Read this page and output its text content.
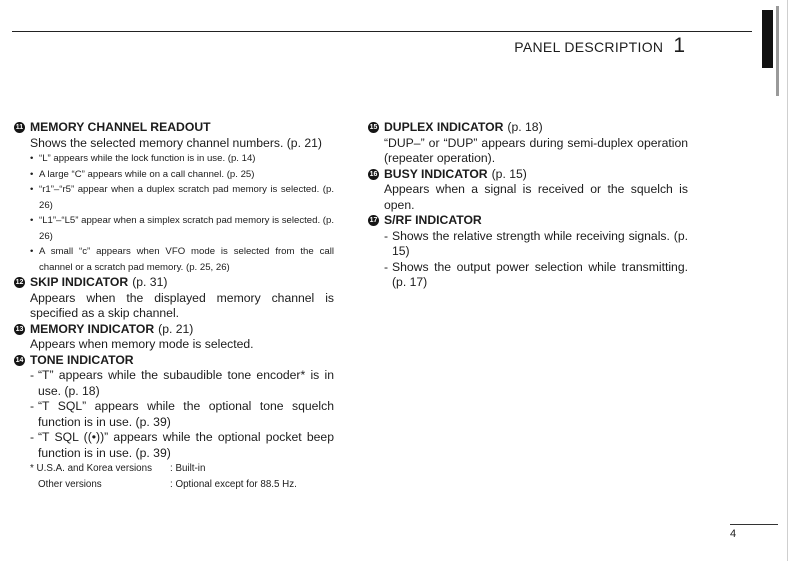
PANEL DESCRIPTION 1
11 MEMORY CHANNEL READOUT
Shows the selected memory channel numbers. (p. 21)
• “L” appears while the lock function is in use. (p. 14)
• A large “C” appears while on a call channel. (p. 25)
• “r1”–“r5” appear when a duplex scratch pad memory is selected. (p. 26)
• “L1”–“L5” appear when a simplex scratch pad memory is selected. (p. 26)
• A small “c” appears when VFO mode is selected from the call channel or a scratch pad memory. (p. 25, 26)
12 SKIP INDICATOR (p. 31)
Appears when the displayed memory channel is specified as a skip channel.
13 MEMORY INDICATOR (p. 21)
Appears when memory mode is selected.
14 TONE INDICATOR
- “T” appears while the subaudible tone encoder* is in use. (p. 18)
- “T SQL” appears while the optional tone squelch function is in use. (p. 39)
- “T SQL ((•))” appears while the optional pocket beep function is in use. (p. 39)
* U.S.A. and Korea versions	: Built-in
Other versions	: Optional except for 88.5 Hz.
15 DUPLEX INDICATOR (p. 18)
“DUP–” or “DUP” appears during semi-duplex operation (repeater operation).
16 BUSY INDICATOR (p. 15)
Appears when a signal is received or the squelch is open.
17 S/RF INDICATOR
- Shows the relative strength while receiving signals. (p. 15)
- Shows the output power selection while transmitting. (p. 17)
4
